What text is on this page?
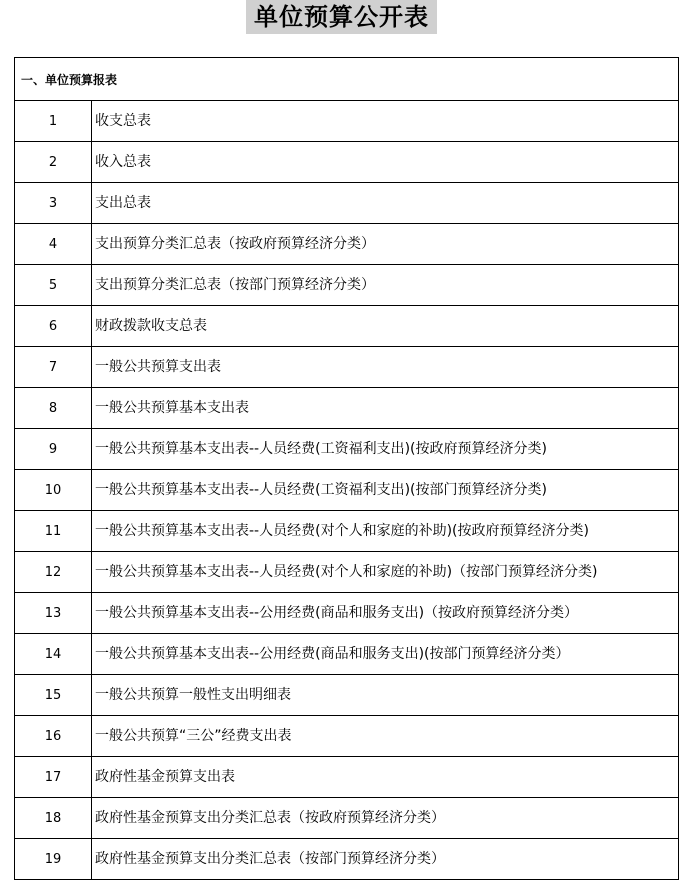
单位预算公开表
一、单位预算报表	
1	收支总表
2	收入总表
3	支出总表
4	支出预算分类汇总表（按政府预算经济分类）
5	支出预算分类汇总表（按部门预算经济分类）
6	财政拨款收支总表
7	一般公共预算支出表
8	一般公共预算基本支出表
9	一般公共预算基本支出表--人员经费(工资福利支出)(按政府预算经济分类)
10	一般公共预算基本支出表--人员经费(工资福利支出)(按部门预算经济分类)
11	一般公共预算基本支出表--人员经费(对个人和家庭的补助)(按政府预算经济分类)
12	一般公共预算基本支出表--人员经费(对个人和家庭的补助)（按部门预算经济分类)
13	一般公共预算基本支出表--公用经费(商品和服务支出)（按政府预算经济分类）
14	一般公共预算基本支出表--公用经费(商品和服务支出)(按部门预算经济分类）
15	一般公共预算一般性支出明细表
16	一般公共预算“三公”经费支出表
17	政府性基金预算支出表
18	政府性基金预算支出分类汇总表（按政府预算经济分类）
19	政府性基金预算支出分类汇总表（按部门预算经济分类）
